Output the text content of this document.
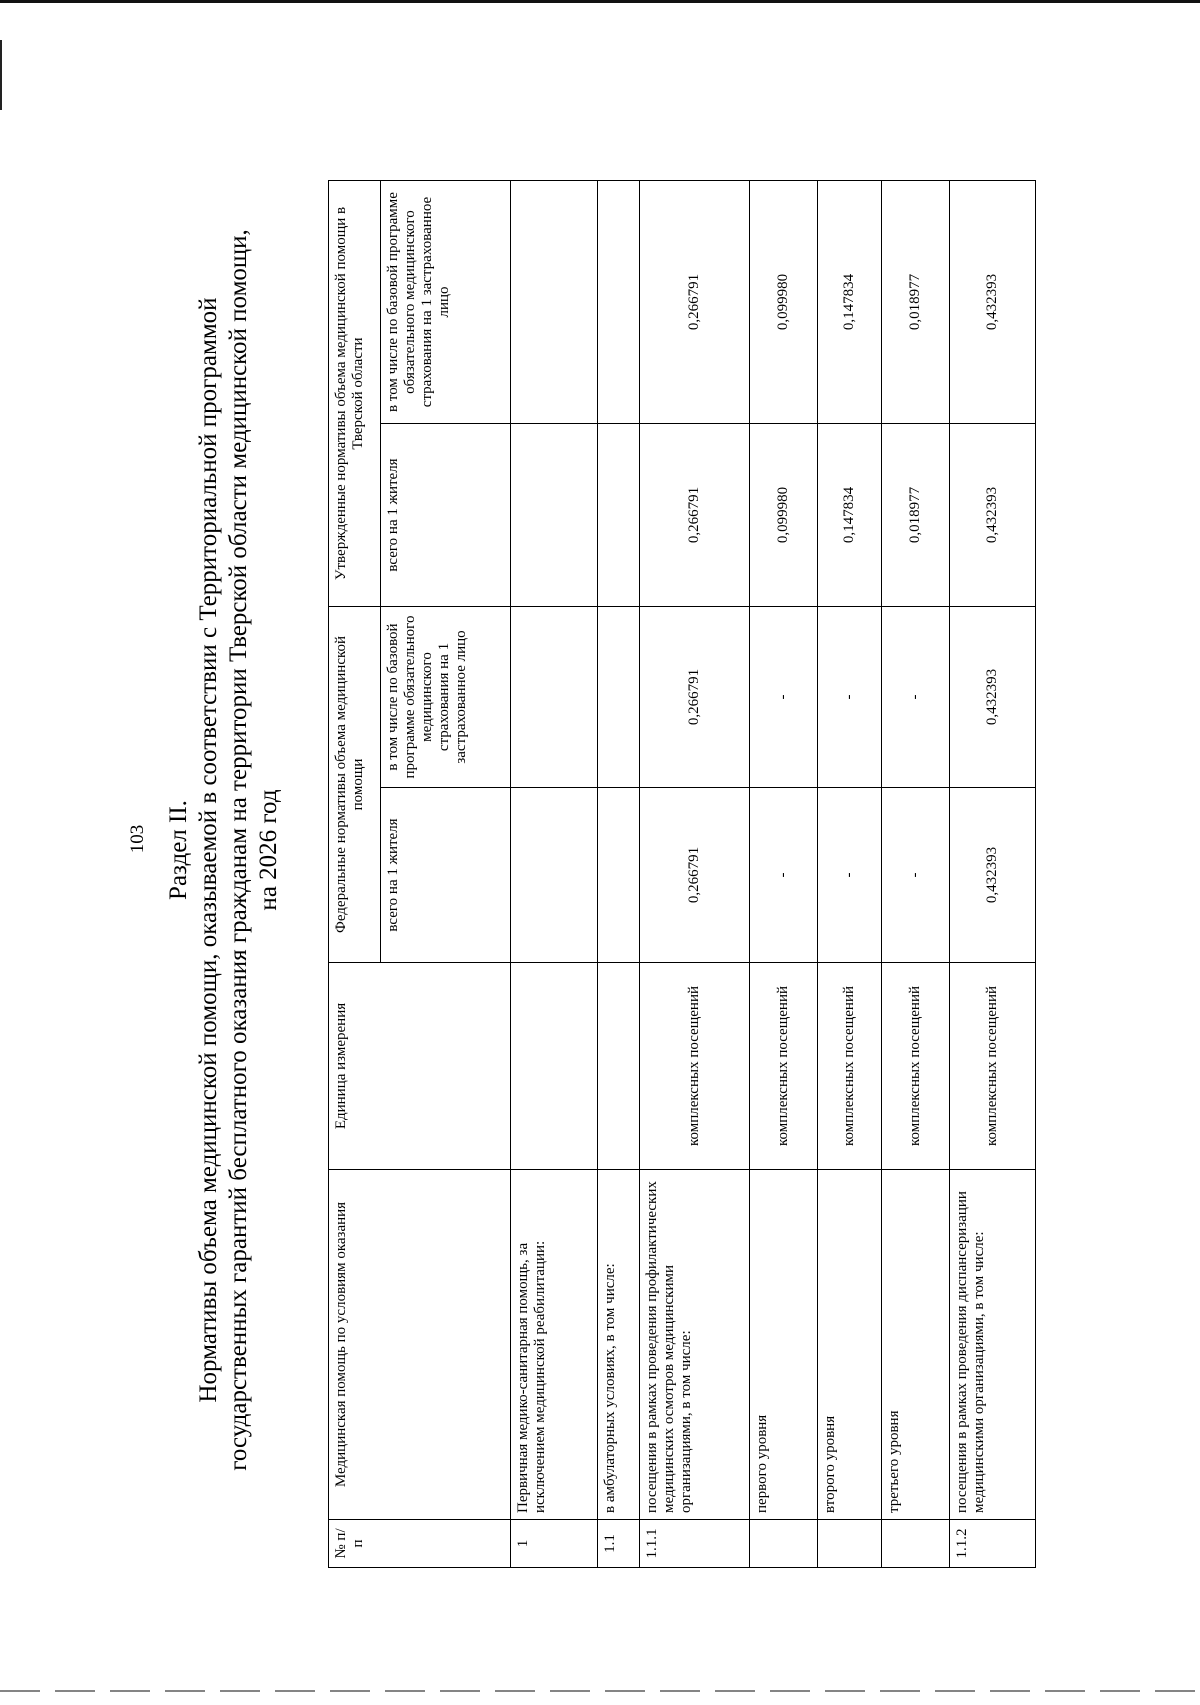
103 Раздел II. Нормативы объема медицинской помощи, оказываемой в соответствии с Территориальной программой государственных гарантий бесплатного оказания гражданам на территории Тверской области медицинской помощи, на 2026 год
№ п/п	Медицинская помощь по условиям оказания	Единица измерения	Федеральные нормативы объема медицинской помощи		Утвержденные нормативы объема медицинской помощи в Тверской области	
			всего на 1 жителя	в том числе по базовой программе обязательного медицинского страхования на 1 застрахованное лицо	всего на 1 жителя	в том числе по базовой программе обязательного медицинского страхования на 1 застрахованное лицо
1	Первичная медико-санитарная помощь, за исключением медицинской реабилитации:					
1.1	в амбулаторных условиях, в том числе:					
1.1.1	посещения в рамках проведения профилактических медицинских осмотров медицинскими организациями, в том числе:	комплексных посещений	0,266791	0,266791	0,266791	0,266791
	первого уровня	комплексных посещений	-	-	0,099980	0,099980
	второго уровня	комплексных посещений	-	-	0,147834	0,147834
	третьего уровня	комплексных посещений	-	-	0,018977	0,018977
1.1.2	посещения в рамках проведения диспансеризации медицинскими организациями, в том числе:	комплексных посещений	0,432393	0,432393	0,432393	0,432393
